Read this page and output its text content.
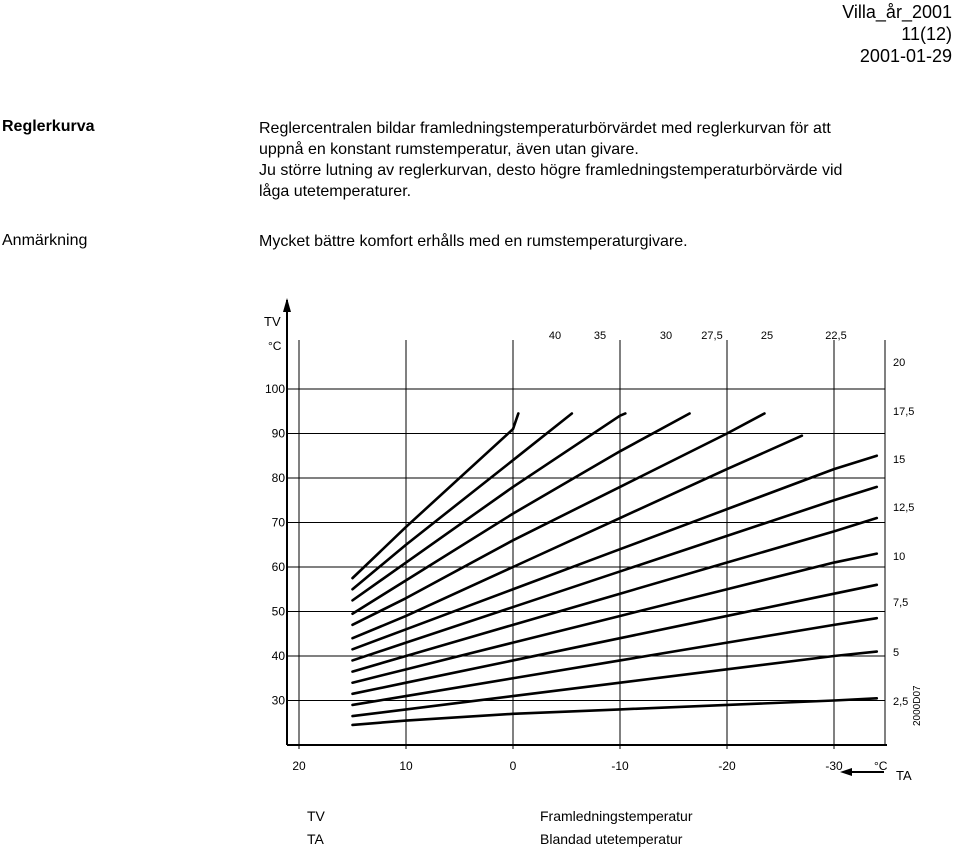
Villa_år_2001
11(12)
2001-01-29
Reglerkurva	Reglercentralen bildar framledningstemperaturbörvärdet med reglerkurvan för att

uppnå en konstant rumstemperatur, även utan givare.

Ju större lutning av reglerkurvan, desto högre framledningstemperaturbörvärde vid

låga utetemperaturer.

Anmärkning	Mycket bättre komfort erhålls med en rumstemperaturgivare.
30
40
50
60
70
80
90
100
20	10	0	-10	-20	-30
TV
°C
°C
TA
2,5
5
7,5
10
12,5
15
17,5
20
22,5
25
27,5
30
35
40
2000D07
TV	Framledningstemperatur
TA	Blandad utetemperatur
